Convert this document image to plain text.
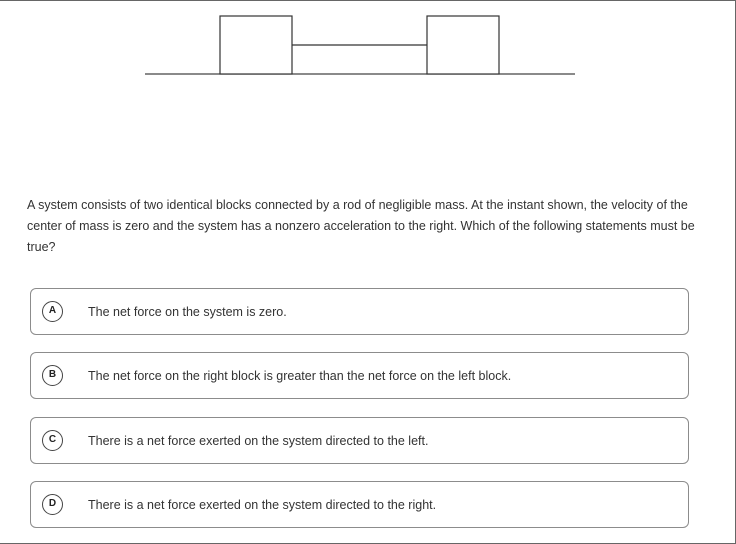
A system consists of two identical blocks connected by a rod of negligible mass. At the instant shown, the velocity of the center of mass is zero and the system has a nonzero acceleration to the right. Which of the following statements must be true?

A	The net force on the system is zero.
B	The net force on the right block is greater than the net force on the left block.
C	There is a net force exerted on the system directed to the left.
D	There is a net force exerted on the system directed to the right.
